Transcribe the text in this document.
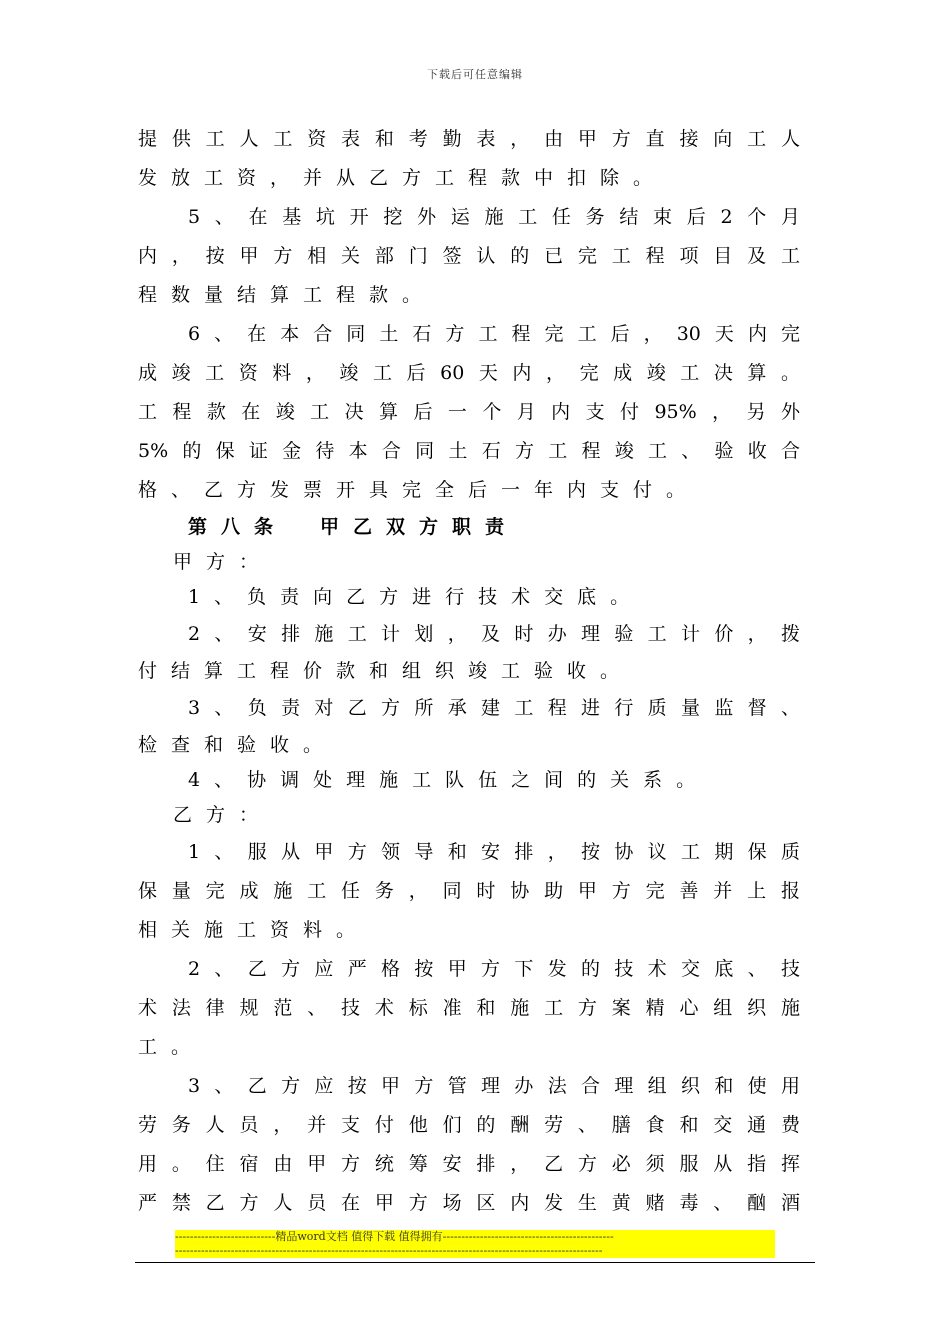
下载后可任意编辑
提供工人工资表和考勤表，由甲方直接向工人
发放工资，并从乙方工程款中扣除。
5、在基坑开挖外运施工任务结束后2个月
内，按甲方相关部门签认的已完工程项目及工
程数量结算工程款。
6、在本合同土石方工程完工后，30天内完
成竣工资料，竣工后60天内，完成竣工决算。
工程款在竣工决算后一个月内支付95%，另外
5%的保证金待本合同土石方工程竣工、验收合
格、乙方发票开具完全后一年内支付。
第八条　甲乙双方职责
甲方：
1、负责向乙方进行技术交底。
2、安排施工计划，及时办理验工计价，拨
付结算工程价款和组织竣工验收。
3、负责对乙方所承建工程进行质量监督、
检查和验收。
4、协调处理施工队伍之间的关系。
乙方：
1、服从甲方领导和安排，按协议工期保质
保量完成施工任务，同时协助甲方完善并上报
相关施工资料。
2、乙方应严格按甲方下发的技术交底、技
术法律规范、技术标准和施工方案精心组织施
工。
3、乙方应按甲方管理办法合理组织和使用
劳务人员，并支付他们的酬劳、膳食和交通费
用。住宿由甲方统筹安排，乙方必须服从指挥
严禁乙方人员在甲方场区内发生黄赌毒、酗酒
---------------------------精品word文档 值得下载 值得拥有----------------------------------------------
-------------------------------------------------------------------------------------------------------------------
